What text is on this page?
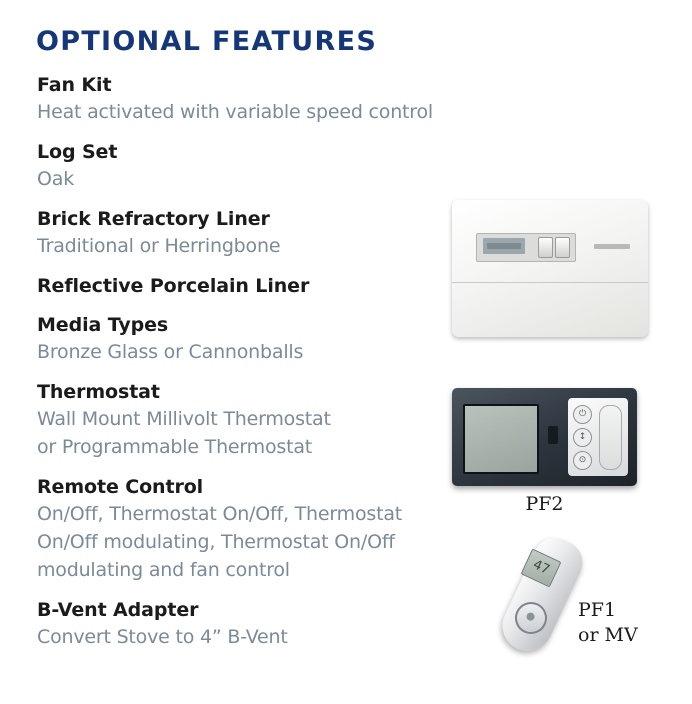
OPTIONAL FEATURES
Fan Kit
Heat activated with variable speed control
Log Set
Oak
Brick Refractory Liner
Traditional or Herringbone
Reflective Porcelain Liner
Media Types
Bronze Glass or Cannonballs
Thermostat
Wall Mount Millivolt Thermostat
or Programmable Thermostat
Remote Control
On/Off, Thermostat On/Off, Thermostat
On/Off modulating, Thermostat On/Off
modulating and fan control
B-Vent Adapter
Convert Stove to 4” B-Vent
⏻
↕
⊙
PF2
47
PF1
or MV
